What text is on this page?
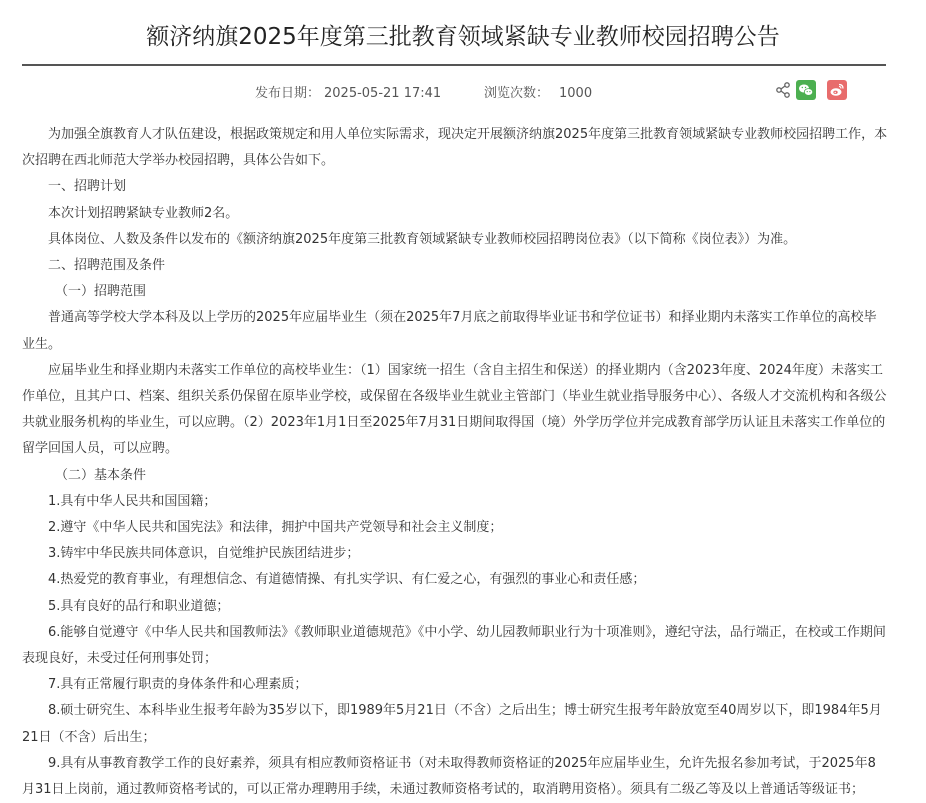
额济纳旗2025年度第三批教育领域紧缺专业教师校园招聘公告
发布日期： 2025-05-21 17:41	浏览次数： 1000

为加强全旗教育人才队伍建设，根据政策规定和用人单位实际需求，现决定开展额济纳旗2025年度第三批教育领域紧缺专业教师校园招聘工作，本次招聘在西北师范大学举办校园招聘，具体公告如下。

一、招聘计划

本次计划招聘紧缺专业教师2名。

具体岗位、人数及条件以发布的《额济纳旗2025年度第三批教育领域紧缺专业教师校园招聘岗位表》（以下简称《岗位表》）为准。

二、招聘范围及条件

（一）招聘范围

普通高等学校大学本科及以上学历的2025年应届毕业生（须在2025年7月底之前取得毕业证书和学位证书）和择业期内未落实工作单位的高校毕业生。

应届毕业生和择业期内未落实工作单位的高校毕业生：（1）国家统一招生（含自主招生和保送）的择业期内（含2023年度、2024年度）未落实工作单位，且其户口、档案、组织关系仍保留在原毕业学校，或保留在各级毕业生就业主管部门（毕业生就业指导服务中心）、各级人才交流机构和各级公共就业服务机构的毕业生，可以应聘。（2）2023年1月1日至2025年7月31日期间取得国（境）外学历学位并完成教育部学历认证且未落实工作单位的留学回国人员，可以应聘。

（二）基本条件

1.具有中华人民共和国国籍；

2.遵守《中华人民共和国宪法》和法律，拥护中国共产党领导和社会主义制度；

3.铸牢中华民族共同体意识，自觉维护民族团结进步；

4.热爱党的教育事业，有理想信念、有道德情操、有扎实学识、有仁爱之心，有强烈的事业心和责任感；

5.具有良好的品行和职业道德；

6.能够自觉遵守《中华人民共和国教师法》《教师职业道德规范》《中小学、幼儿园教师职业行为十项准则》，遵纪守法，品行端正，在校或工作期间表现良好，未受过任何刑事处罚；

7.具有正常履行职责的身体条件和心理素质；

8.硕士研究生、本科毕业生报考年龄为35岁以下，即1989年5月21日（不含）之后出生；博士研究生报考年龄放宽至40周岁以下，即1984年5月21日（不含）后出生；

9.具有从事教育教学工作的良好素养，须具有相应教师资格证书（对未取得教师资格证的2025年应届毕业生，允许先报名参加考试，于2025年8月31日上岗前，通过教师资格考试的，可以正常办理聘用手续，未通过教师资格考试的，取消聘用资格）。须具有二级乙等及以上普通话等级证书；
